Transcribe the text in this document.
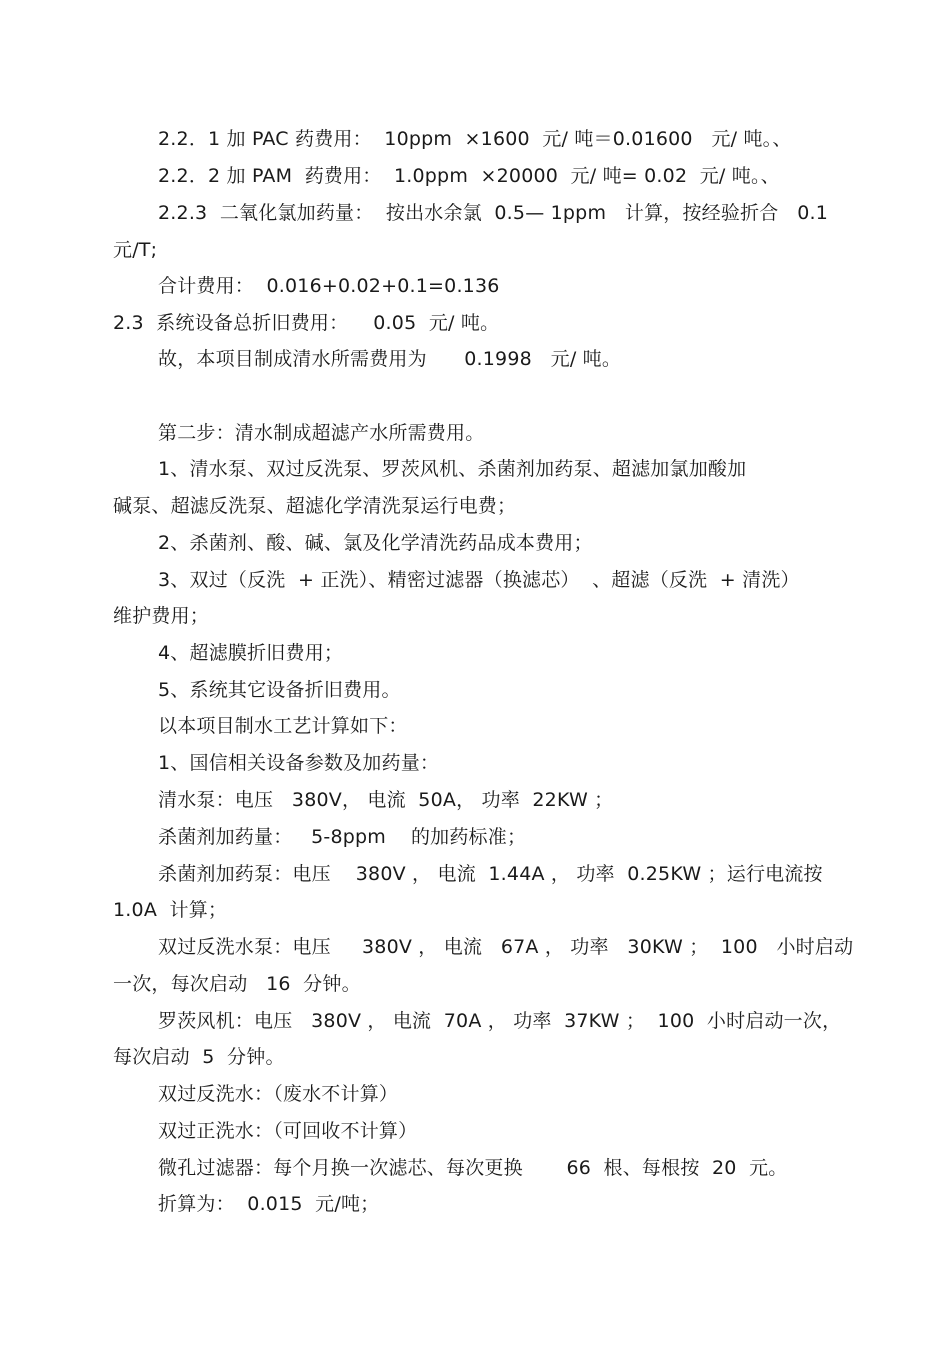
2.2．1 加 PAC 药费用：  10ppm  ×1600  元/ 吨＝0.01600   元/ 吨。、
2.2．2 加 PAM  药费用：  1.0ppm  ×20000  元/ 吨= 0.02  元/ 吨。、
2.2.3  二氧化氯加药量：  按出水余氯  0.5— 1ppm   计算，按经验折合   0.1
元/T;
合计费用：  0.016+0.02+0.1=0.136
2.3  系统设备总折旧费用：    0.05  元/ 吨。
故，本项目制成清水所需费用为      0.1998   元/ 吨。
第二步：清水制成超滤产水所需费用。
1、清水泵、双过反洗泵、罗茨风机、杀菌剂加药泵、超滤加氯加酸加
碱泵、超滤反洗泵、超滤化学清洗泵运行电费；
2、杀菌剂、酸、碱、氯及化学清洗药品成本费用；
3、双过（反洗  + 正洗）、精密过滤器（换滤芯）  、超滤（反洗  + 清洗）
维护费用；
4、超滤膜折旧费用；
5、系统其它设备折旧费用。
以本项目制水工艺计算如下：
1、国信相关设备参数及加药量：
清水泵：电压   380V， 电流  50A， 功率  22KW ；
杀菌剂加药量：   5-8ppm    的加药标准；
杀菌剂加药泵：电压    380V ， 电流  1.44A ， 功率  0.25KW ；运行电流按
1.0A  计算；
双过反洗水泵：电压     380V ， 电流   67A ， 功率   30KW ；  100   小时启动
一次，每次启动   16  分钟。
罗茨风机：电压   380V ， 电流  70A ， 功率  37KW ；  100  小时启动一次，
每次启动  5  分钟。
双过反洗水：（废水不计算）
双过正洗水：（可回收不计算）
微孔过滤器：每个月换一次滤芯、每次更换       66  根、每根按  20  元。
折算为：  0.015  元/吨；
